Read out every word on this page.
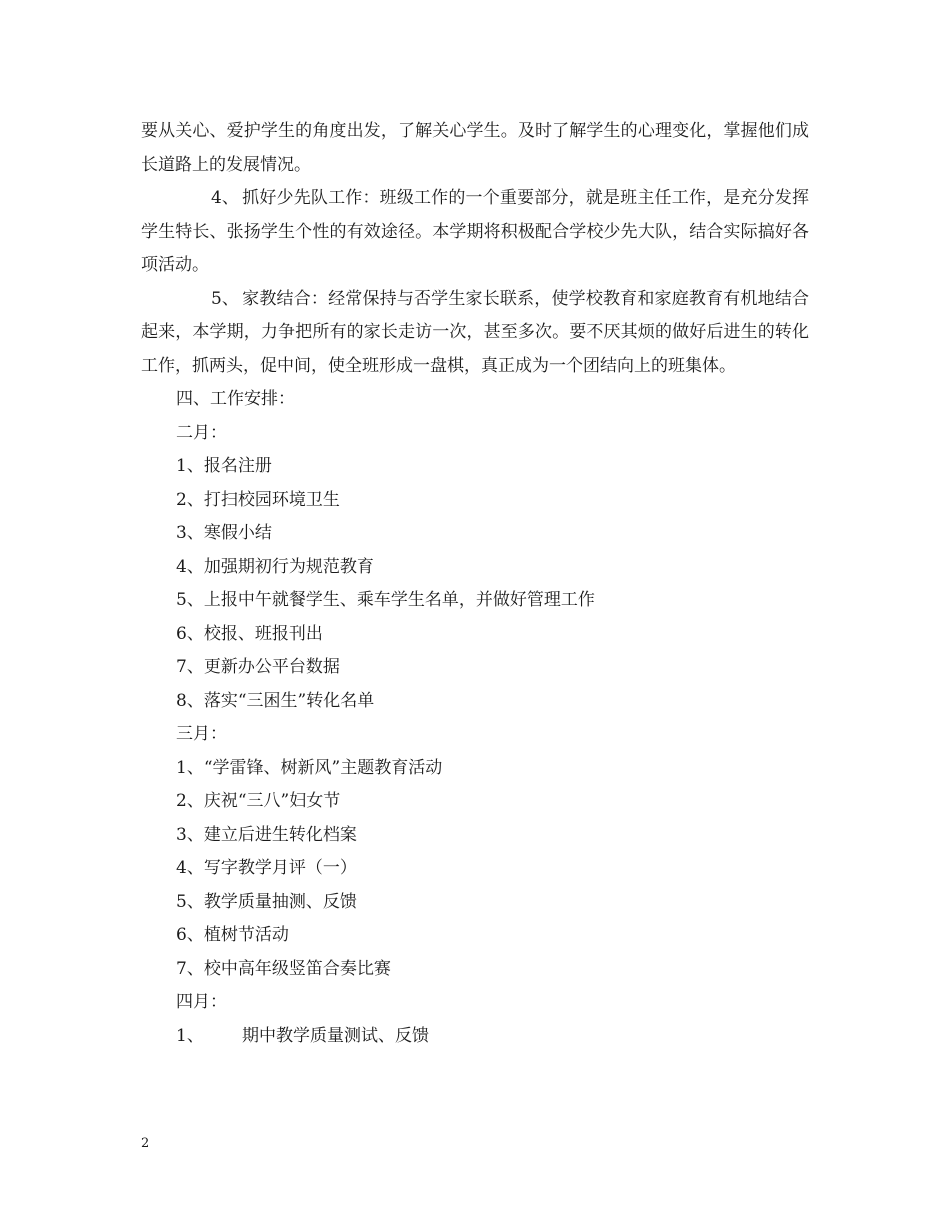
要从关心、爱护学生的角度出发，了解关心学生。及时了解学生的心理变化，掌握他们成长道路上的发展情况。

4、 抓好少先队工作：班级工作的一个重要部分，就是班主任工作，是充分发挥学生特长、张扬学生个性的有效途径。本学期将积极配合学校少先大队，结合实际搞好各项活动。

5、 家教结合：经常保持与否学生家长联系，使学校教育和家庭教育有机地结合起来，本学期，力争把所有的家长走访一次，甚至多次。要不厌其烦的做好后进生的转化工作，抓两头，促中间，使全班形成一盘棋，真正成为一个团结向上的班集体。

四、工作安排：

二月：

1、报名注册

2、打扫校园环境卫生

3、寒假小结

4、加强期初行为规范教育

5、上报中午就餐学生、乘车学生名单，并做好管理工作

6、校报、班报刊出

7、更新办公平台数据

8、落实“三困生”转化名单

三月：

1、“学雷锋、树新风”主题教育活动

2、庆祝“三八”妇女节

3、建立后进生转化档案

4、写字教学月评（一）

5、教学质量抽测、反馈

6、植树节活动

7、校中高年级竖笛合奏比赛

四月：

1、 期中教学质量测试、反馈

2
